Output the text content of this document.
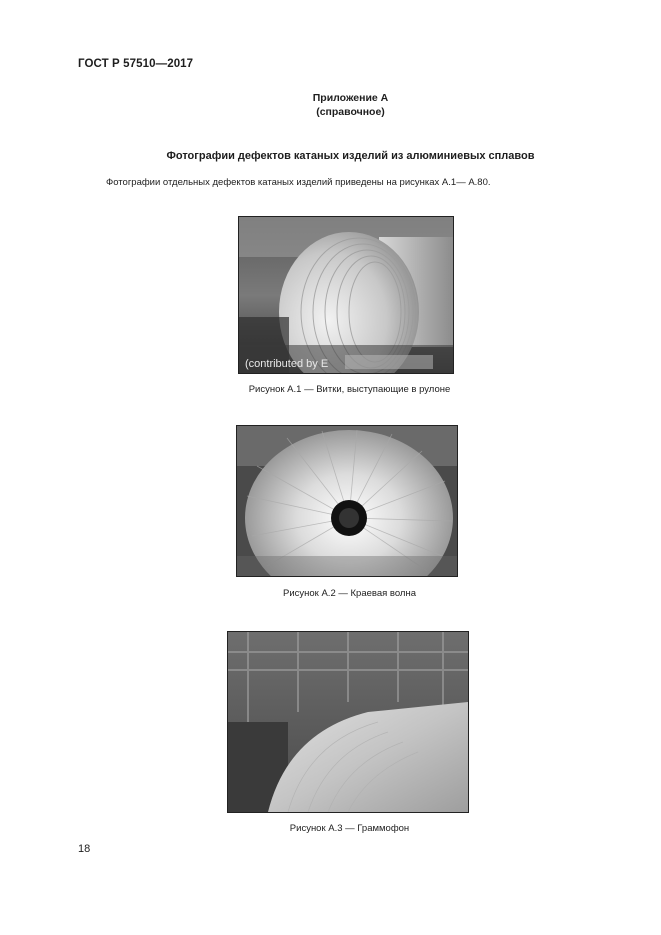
ГОСТ Р 57510—2017
Приложение А
(справочное)
Фотографии дефектов катаных изделий из алюминиевых сплавов
Фотографии отдельных дефектов катаных изделий приведены на рисунках А.1— А.80.
(contributed by E
Рисунок А.1 — Витки, выступающие в рулоне
Рисунок А.2 — Краевая волна
Рисунок А.3 — Граммофон
18
